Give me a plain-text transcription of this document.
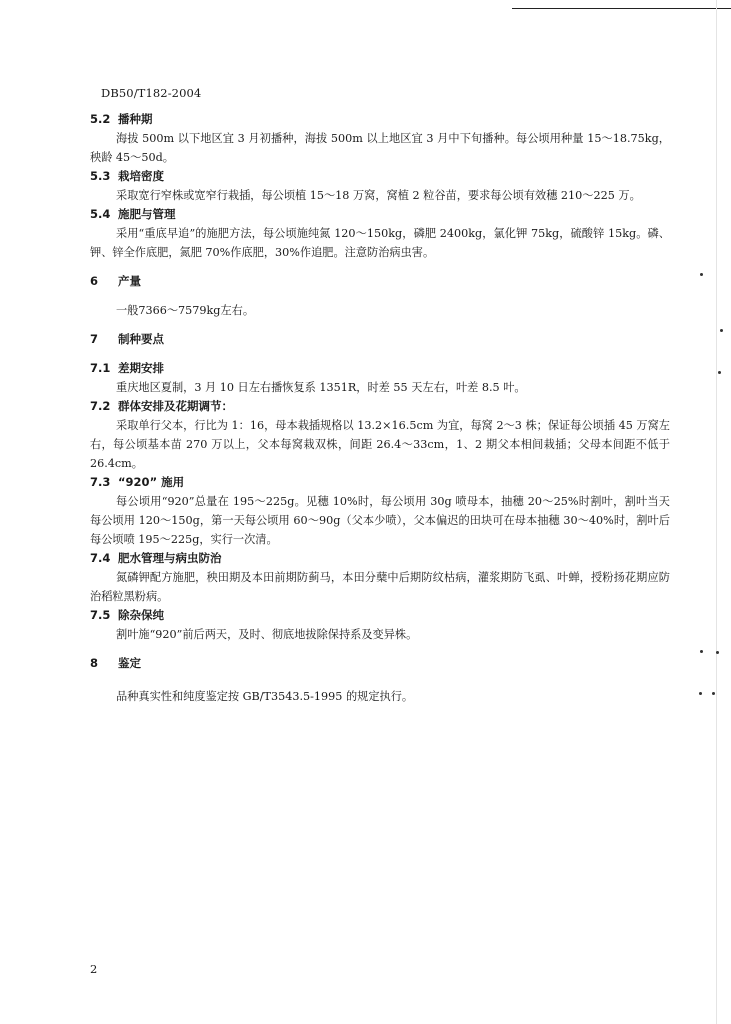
DB50/T182-2004
5.2 播种期

海拔 500m 以下地区宜 3 月初播种，海拔 500m 以上地区宜 3 月中下旬播种。每公顷用种量 15～18.75kg，秧龄 45～50d。

5.3 栽培密度

采取宽行窄株或宽窄行栽插，每公顷植 15～18 万窝，窝植 2 粒谷苗，要求每公顷有效穗 210～225 万。

5.4 施肥与管理

采用“重底早追”的施肥方法，每公顷施纯氮 120～150kg，磷肥 2400kg，氯化钾 75kg，硫酸锌 15kg。磷、钾、锌全作底肥，氮肥 70%作底肥，30%作追肥。注意防治病虫害。

6 产量

一般7366～7579kg左右。

7 制种要点
7.1 差期安排

重庆地区夏制，3 月 10 日左右播恢复系 1351R，时差 55 天左右，叶差 8.5 叶。

7.2 群体安排及花期调节：

采取单行父本，行比为 1：16，母本栽插规格以 13.2×16.5cm 为宜，每窝 2～3 株；保证每公顷插 45 万窝左右，每公顷基本苗 270 万以上，父本每窝栽双株，间距 26.4～33cm，1、2 期父本相间栽插；父母本间距不低于 26.4cm。

7.3 “920” 施用

每公顷用“920”总量在 195～225g。见穗 10%时，每公顷用 30g 喷母本，抽穗 20～25%时割叶，割叶当天每公顷用 120～150g，第一天每公顷用 60～90g（父本少喷），父本偏迟的田块可在母本抽穗 30～40%时，割叶后每公顷喷 195～225g，实行一次清。

7.4 肥水管理与病虫防治

氮磷钾配方施肥，秧田期及本田前期防蓟马，本田分蘖中后期防纹枯病，灌浆期防飞虱、叶蝉，授粉扬花期应防治稻粒黑粉病。

7.5 除杂保纯

割叶施“920”前后两天，及时、彻底地拔除保持系及变异株。

8 鉴定

品种真实性和纯度鉴定按 GB/T3543.5-1995 的规定执行。

2
